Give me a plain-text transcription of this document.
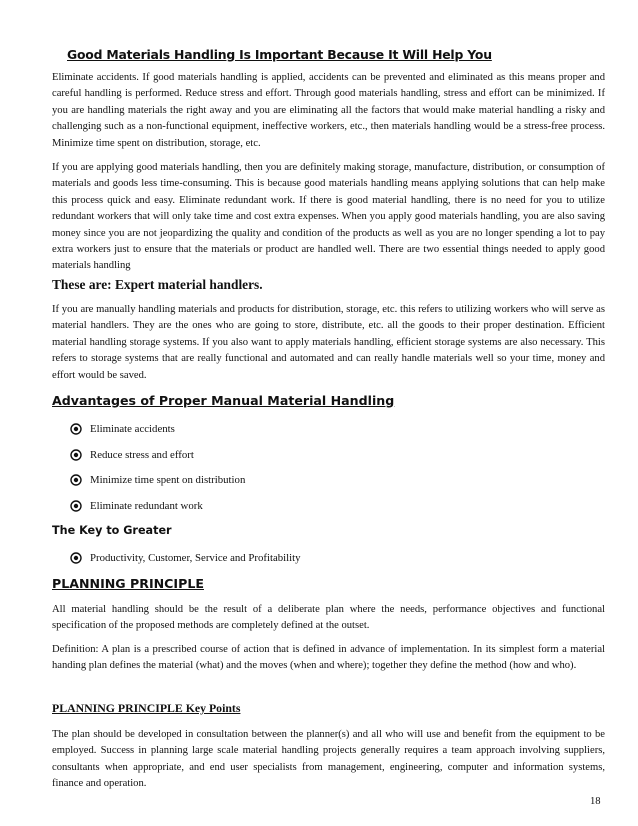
Good Materials Handling Is Important Because It Will Help You

Eliminate accidents. If good materials handling is applied, accidents can be prevented and eliminated as this means proper and careful handling is performed. Reduce stress and effort. Through good materials handling, stress and effort can be minimized. If you are handling materials the right away and you are eliminating all the factors that would make material handling a risky and challenging such as a non-functional equipment, ineffective workers, etc., then materials handling would be a stress-free process. Minimize time spent on distribution, storage, etc.

If you are applying good materials handling, then you are definitely making storage, manufacture, distribution, or consumption of materials and goods less time-consuming. This is because good materials handling means applying solutions that can help make this process quick and easy. Eliminate redundant work. If there is good material handling, there is no need for you to utilize redundant workers that will only take time and cost extra expenses. When you apply good materials handling, you are also saving money since you are not jeopardizing the quality and condition of the products as well as you are no longer spending a lot to pay extra workers just to ensure that the materials or product are handled well. There are two essential things needed to apply good materials handling

These are: Expert material handlers.

If you are manually handling materials and products for distribution, storage, etc. this refers to utilizing workers who will serve as material handlers. They are the ones who are going to store, distribute, etc. all the goods to their proper destination. Efficient material handling storage systems. If you also want to apply materials handling, efficient storage systems are also necessary. This refers to storage systems that are really functional and automated and can really handle materials well so your time, money and effort would be saved.

Advantages of Proper Manual Material Handling
Eliminate accidents
Reduce stress and effort
Minimize time spent on distribution
Eliminate redundant work
The Key to Greater
Productivity, Customer, Service and Profitability
PLANNING PRINCIPLE

All material handling should be the result of a deliberate plan where the needs, performance objectives and functional specification of the proposed methods are completely defined at the outset.

Definition: A plan is a prescribed course of action that is defined in advance of implementation. In its simplest form a material handing plan defines the material (what) and the moves (when and where); together they define the method (how and who).

PLANNING PRINCIPLE Key Points

The plan should be developed in consultation between the planner(s) and all who will use and benefit from the equipment to be employed. Success in planning large scale material handling projects generally requires a team approach involving suppliers, consultants when appropriate, and end user specialists from management, engineering, computer and information systems, finance and operation.

18
